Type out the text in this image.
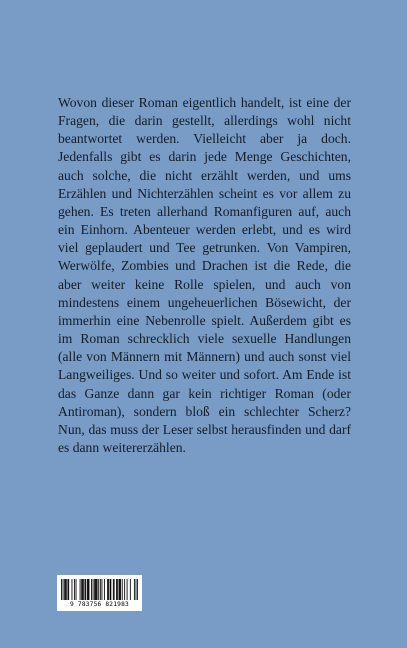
Wovon dieser Roman eigentlich handelt, ist eine der Fragen, die darin gestellt, allerdings wohl nicht beantwortet werden. Vielleicht aber ja doch. Jedenfalls gibt es darin jede Menge Geschichten, auch solche, die nicht erzählt werden, und ums Erzählen und Nichterzählen scheint es vor allem zu gehen. Es treten allerhand Romanfiguren auf, auch ein Einhorn. Abenteuer werden erlebt, und es wird viel geplaudert und Tee getrunken. Von Vampiren, Werwölfe, Zombies und Drachen ist die Rede, die aber weiter keine Rolle spielen, und auch von mindestens einem ungeheuerlichen Bösewicht, der immerhin eine Nebenrolle spielt. Außerdem gibt es im Roman schrecklich viele sexuelle Handlungen (alle von Männern mit Männern) und auch sonst viel Langweiliges. Und so weiter und sofort. Am Ende ist das Ganze dann gar kein richtiger Roman (oder Antiroman), sondern bloß ein schlechter Scherz? Nun, das muss der Leser selbst herausfinden und darf es dann weitererzählen.

9 783756 821983
